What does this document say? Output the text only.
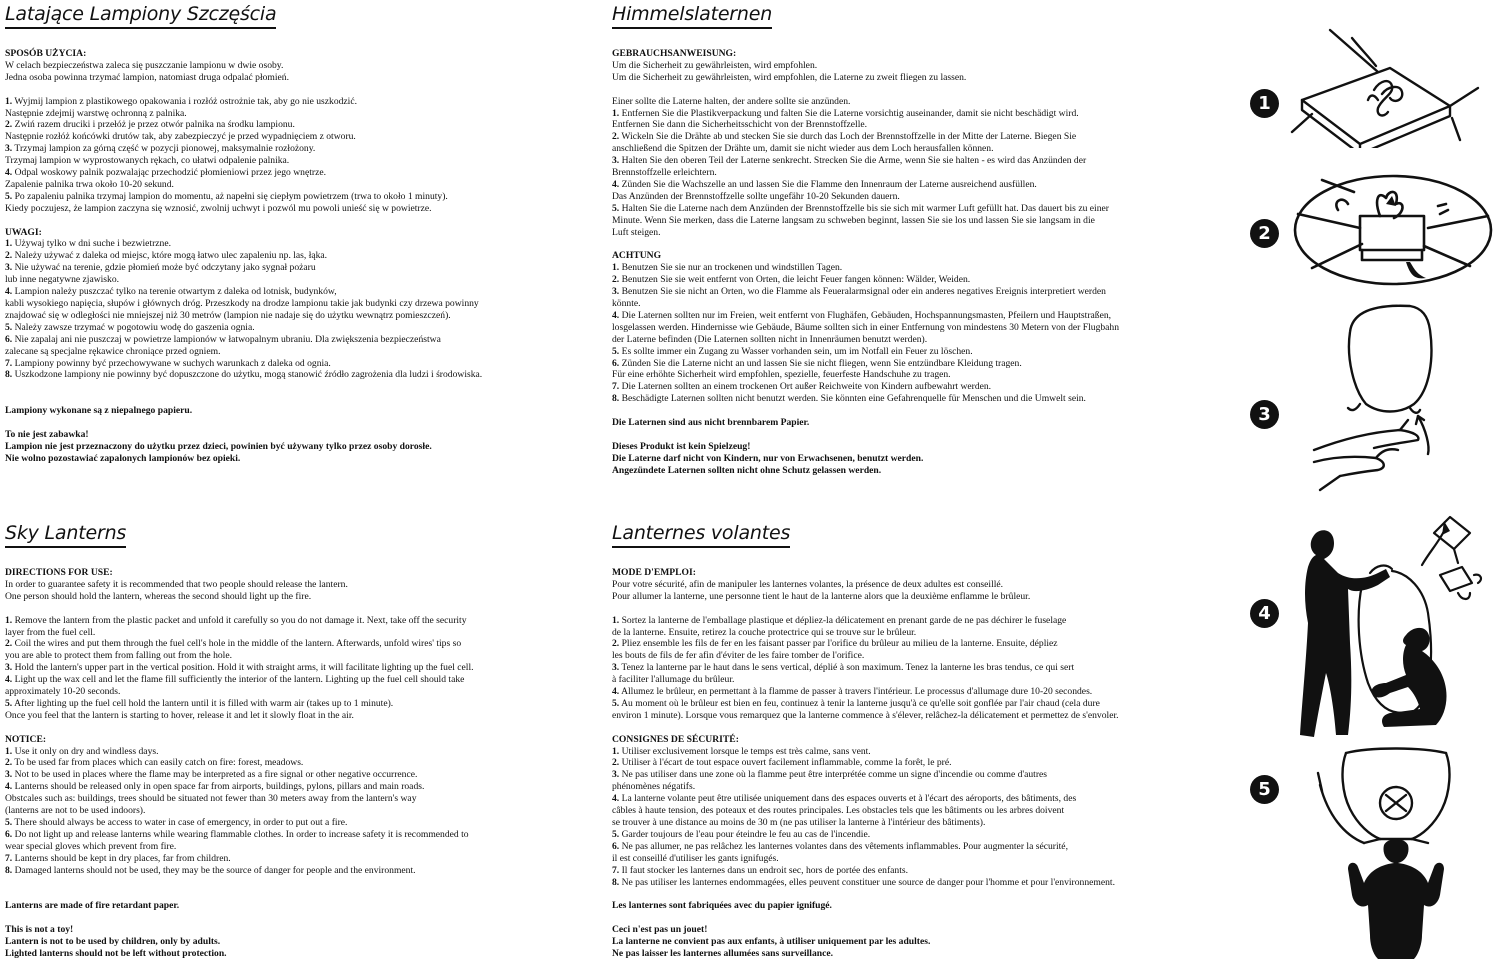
Latające Lampiony Szczęścia
SPOSÓB UŻYCIA:
W celach bezpieczeństwa zaleca się puszczanie lampionu w dwie osoby.
Jedna osoba powinna trzymać lampion, natomiast druga odpalać płomień.
1. Wyjmij lampion z plastikowego opakowania i rozłóż ostrożnie tak, aby go nie uszkodzić.
Następnie zdejmij warstwę ochronną z palnika.
2. Zwiń razem druciki i przełóż je przez otwór palnika na środku lampionu.
Następnie rozłóż końcówki drutów tak, aby zabezpieczyć je przed wypadnięciem z otworu.
3. Trzymaj lampion za górną część w pozycji pionowej, maksymalnie rozłożony.
Trzymaj lampion w wyprostowanych rękach, co ułatwi odpalenie palnika.
4. Odpal woskowy palnik pozwalając przechodzić płomieniowi przez jego wnętrze.
Zapalenie palnika trwa około 10-20 sekund.
5. Po zapaleniu palnika trzymaj lampion do momentu, aż napełni się ciepłym powietrzem (trwa to około 1 minuty).
Kiedy poczujesz, że lampion zaczyna się wznosić, zwolnij uchwyt i pozwól mu powoli unieść się w powietrze.
UWAGI:
1. Używaj tylko w dni suche i bezwietrzne.
2. Należy używać z daleka od miejsc, które mogą łatwo ulec zapaleniu np. las, łąka.
3. Nie używać na terenie, gdzie płomień może być odczytany jako sygnał pożaru
lub inne negatywne zjawisko.
4. Lampion należy puszczać tylko na terenie otwartym z daleka od lotnisk, budynków,
kabli wysokiego napięcia, słupów i głównych dróg. Przeszkody na drodze lampionu takie jak budynki czy drzewa powinny
znajdować się w odległości nie mniejszej niż 30 metrów (lampion nie nadaje się do użytku wewnątrz pomieszczeń).
5. Należy zawsze trzymać w pogotowiu wodę do gaszenia ognia.
6. Nie zapalaj ani nie puszczaj w powietrze lampionów w łatwopalnym ubraniu. Dla zwiększenia bezpieczeństwa
zalecane są specjalne rękawice chroniące przed ogniem.
7. Lampiony powinny być przechowywane w suchych warunkach z daleka od ognia.
8. Uszkodzone lampiony nie powinny być dopuszczone do użytku, mogą stanowić źródło zagrożenia dla ludzi i środowiska.
Lampiony wykonane są z niepalnego papieru.
To nie jest zabawka!
Lampion nie jest przeznaczony do użytku przez dzieci, powinien być używany tylko przez osoby dorosłe.
Nie wolno pozostawiać zapalonych lampionów bez opieki.
Himmelslaternen
GEBRAUCHSANWEISUNG:
Um die Sicherheit zu gewährleisten, wird empfohlen.
Um die Sicherheit zu gewährleisten, wird empfohlen, die Laterne zu zweit fliegen zu lassen.
Einer sollte die Laterne halten, der andere sollte sie anzünden.
1. Entfernen Sie die Plastikverpackung und falten Sie die Laterne vorsichtig auseinander, damit sie nicht beschädigt wird.
Entfernen Sie dann die Sicherheitsschicht von der Brennstoffzelle.
2. Wickeln Sie die Drähte ab und stecken Sie sie durch das Loch der Brennstoffzelle in der Mitte der Laterne. Biegen Sie
anschließend die Spitzen der Drähte um, damit sie nicht wieder aus dem Loch herausfallen können.
3. Halten Sie den oberen Teil der Laterne senkrecht. Strecken Sie die Arme, wenn Sie sie halten - es wird das Anzünden der
Brennstoffzelle erleichtern.
4. Zünden Sie die Wachszelle an und lassen Sie die Flamme den Innenraum der Laterne ausreichend ausfüllen.
Das Anzünden der Brennstoffzelle sollte ungefähr 10-20 Sekunden dauern.
5. Halten Sie die Laterne nach dem Anzünden der Brennstoffzelle bis sie sich mit warmer Luft gefüllt hat. Das dauert bis zu einer
Minute. Wenn Sie merken, dass die Laterne langsam zu schweben beginnt, lassen Sie sie los und lassen Sie sie langsam in die
Luft steigen.
ACHTUNG
1. Benutzen Sie sie nur an trockenen und windstillen Tagen.
2. Benutzen Sie sie weit entfernt von Orten, die leicht Feuer fangen können: Wälder, Weiden.
3. Benutzen Sie sie nicht an Orten, wo die Flamme als Feueralarmsignal oder ein anderes negatives Ereignis interpretiert werden
könnte.
4. Die Laternen sollten nur im Freien, weit entfernt von Flughäfen, Gebäuden, Hochspannungsmasten, Pfeilern und Hauptstraßen,
losgelassen werden. Hindernisse wie Gebäude, Bäume sollten sich in einer Entfernung von mindestens 30 Metern von der Flugbahn
der Laterne befinden (Die Laternen sollten nicht in Innenräumen benutzt werden).
5. Es sollte immer ein Zugang zu Wasser vorhanden sein, um im Notfall ein Feuer zu löschen.
6. Zünden Sie die Laterne nicht an und lassen Sie sie nicht fliegen, wenn Sie entzündbare Kleidung tragen.
Für eine erhöhte Sicherheit wird empfohlen, spezielle, feuerfeste Handschuhe zu tragen.
7. Die Laternen sollten an einem trockenen Ort außer Reichweite von Kindern aufbewahrt werden.
8. Beschädigte Laternen sollten nicht benutzt werden. Sie könnten eine Gefahrenquelle für Menschen und die Umwelt sein.
Die Laternen sind aus nicht brennbarem Papier.
Dieses Produkt ist kein Spielzeug!
Die Laterne darf nicht von Kindern, nur von Erwachsenen, benutzt werden.
Angezündete Laternen sollten nicht ohne Schutz gelassen werden.
Sky Lanterns
DIRECTIONS FOR USE:
In order to guarantee safety it is recommended that two people should release the lantern.
One person should hold the lantern, whereas the second should light up the fire.
1. Remove the lantern from the plastic packet and unfold it carefully so you do not damage it. Next, take off the security
layer from the fuel cell.
2. Coil the wires and put them through the fuel cell's hole in the middle of the lantern. Afterwards, unfold wires' tips so
you are able to protect them from falling out from the hole.
3. Hold the lantern's upper part in the vertical position. Hold it with straight arms, it will facilitate lighting up the fuel cell.
4. Light up the wax cell and let the flame fill sufficiently the interior of the lantern. Lighting up the fuel cell should take
approximately 10-20 seconds.
5. After lighting up the fuel cell hold the lantern until it is filled with warm air (takes up to 1 minute).
Once you feel that the lantern is starting to hover, release it and let it slowly float in the air.
NOTICE:
1. Use it only on dry and windless days.
2. To be used far from places which can easily catch on fire: forest, meadows.
3. Not to be used in places where the flame may be interpreted as a fire signal or other negative occurrence.
4. Lanterns should be released only in open space far from airports, buildings, pylons, pillars and main roads.
Obstcales such as: buildings, trees should be situated not fewer than 30 meters away from the lantern's way
(lanterns are not to be used indoors).
5. There should always be access to water in case of emergency, in order to put out a fire.
6. Do not light up and release lanterns while wearing flammable clothes. In order to increase safety it is recommended to
wear special gloves which prevent from fire.
7. Lanterns should be kept in dry places, far from children.
8. Damaged lanterns should not be used, they may be the source of danger for people and the environment.
Lanterns are made of fire retardant paper.
This is not a toy!
Lantern is not to be used by children, only by adults.
Lighted lanterns should not be left without protection.
Lanternes volantes
MODE D'EMPLOI:
Pour votre sécurité, afin de manipuler les lanternes volantes, la présence de deux adultes est conseillé.
Pour allumer la lanterne, une personne tient le haut de la lanterne alors que la deuxième enflamme le brûleur.
1. Sortez la lanterne de l'emballage plastique et dépliez-la délicatement en prenant garde de ne pas déchirer le fuselage
de la lanterne. Ensuite, retirez la couche protectrice qui se trouve sur le brûleur.
2. Pliez ensemble les fils de fer en les faisant passer par l'orifice du brûleur au milieu de la lanterne. Ensuite, dépliez
les bouts de fils de fer afin d'éviter de les faire tomber de l'orifice.
3. Tenez la lanterne par le haut dans le sens vertical, déplié à son maximum. Tenez la lanterne les bras tendus, ce qui sert
à faciliter l'allumage du brûleur.
4. Allumez le brûleur, en permettant à la flamme de passer à travers l'intérieur. Le processus d'allumage dure 10-20 secondes.
5. Au moment où le brûleur est bien en feu, continuez à tenir la lanterne jusqu'à ce qu'elle soit gonflée par l'air chaud (cela dure
environ 1 minute). Lorsque vous remarquez que la lanterne commence à s'élever, relâchez-la délicatement et permettez de s'envoler.
CONSIGNES DE SÉCURITÉ:
1. Utiliser exclusivement lorsque le temps est très calme, sans vent.
2. Utiliser à l'écart de tout espace ouvert facilement inflammable, comme la forêt, le pré.
3. Ne pas utiliser dans une zone où la flamme peut être interprétée comme un signe d'incendie ou comme d'autres
phénomènes négatifs.
4. La lanterne volante peut être utilisée uniquement dans des espaces ouverts et à l'écart des aéroports, des bâtiments, des
câbles à haute tension, des poteaux et des routes principales. Les obstacles tels que les bâtiments ou les arbres doivent
se trouver à une distance au moins de 30 m (ne pas utiliser la lanterne à l'intérieur des bâtiments).
5. Garder toujours de l'eau pour éteindre le feu au cas de l'incendie.
6. Ne pas allumer, ne pas relâchez les lanternes volantes dans des vêtements inflammables. Pour augmenter la sécurité,
il est conseillé d'utiliser les gants ignifugés.
7. Il faut stocker les lanternes dans un endroit sec, hors de portée des enfants.
8. Ne pas utiliser les lanternes endommagées, elles peuvent constituer une source de danger pour l'homme et pour l'environnement.
Les lanternes sont fabriquées avec du papier ignifugé.
Ceci n'est pas un jouet!
La lanterne ne convient pas aux enfants, à utiliser uniquement par les adultes.
Ne pas laisser les lanternes allumées sans surveillance.
1
2
3
4
5
